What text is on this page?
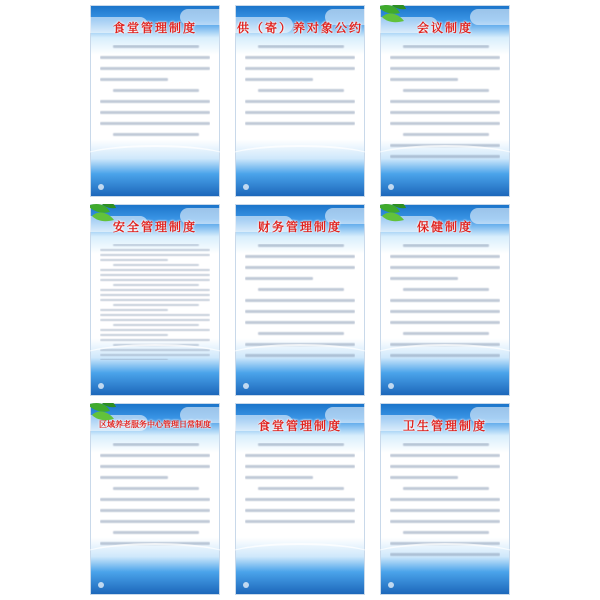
食堂管理制度	供（寄）养对象公约	会议制度
安全管理制度	财务管理制度	保健制度
区域养老服务中心管理日常制度	食堂管理制度	卫生管理制度
